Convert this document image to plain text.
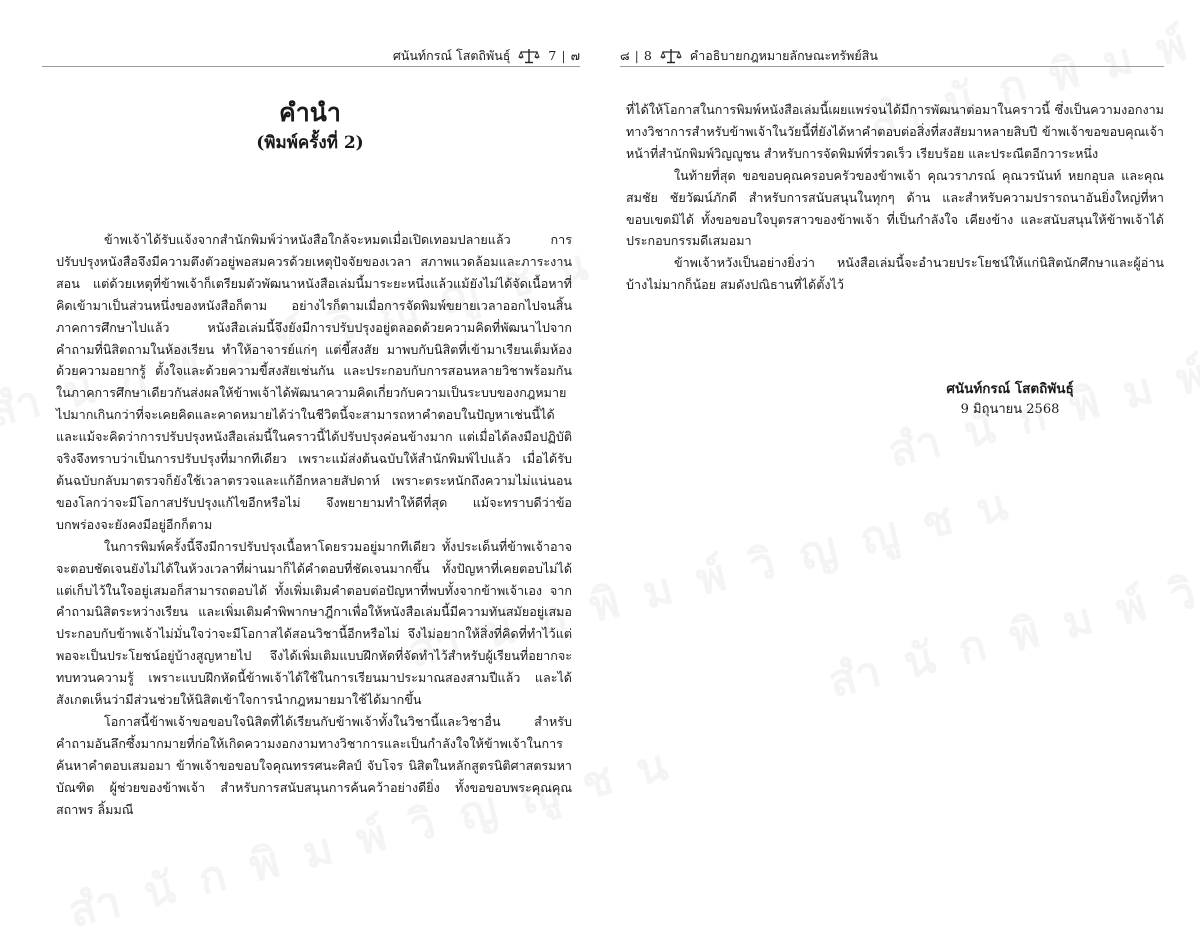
ศนันท์กรณ์ โสตถิพันธุ์	7 | ๗
คำนำ
(พิมพ์ครั้งที่ 2)

ข้าพเจ้าได้รับแจ้งจากสำนักพิมพ์ว่าหนังสือใกล้จะหมดเมื่อเปิดเทอมปลายแล้ว การปรับปรุงหนังสือจึงมีความตึงตัวอยู่พอสมควรด้วยเหตุปัจจัยของเวลา สภาพแวดล้อมและภาระงานสอน แต่ด้วยเหตุที่ข้าพเจ้าก็เตรียมตัวพัฒนาหนังสือเล่มนี้มาระยะหนึ่งแล้วแม้ยังไม่ได้จัดเนื้อหาที่คิดเข้ามาเป็นส่วนหนึ่งของหนังสือก็ตาม อย่างไรก็ตามเมื่อการจัดพิมพ์ขยายเวลาออกไปจนสิ้นภาคการศึกษาไปแล้ว หนังสือเล่มนี้จึงยังมีการปรับปรุงอยู่ตลอดด้วยความคิดที่พัฒนาไปจากคำถามที่นิสิตถามในห้องเรียน ทำให้อาจารย์แก่ๆ แต่ขี้สงสัย มาพบกับนิสิตที่เข้ามาเรียนเต็มห้องด้วยความอยากรู้ ตั้งใจและด้วยความขี้สงสัยเช่นกัน และประกอบกับการสอนหลายวิชาพร้อมกันในภาคการศึกษาเดียวกันส่งผลให้ข้าพเจ้าได้พัฒนาความคิดเกี่ยวกับความเป็นระบบของกฎหมายไปมากเกินกว่าที่จะเคยคิดและคาดหมายได้ว่าในชีวิตนี้จะสามารถหาคำตอบในปัญหาเช่นนี้ได้ และแม้จะคิดว่าการปรับปรุงหนังสือเล่มนี้ในคราวนี้ได้ปรับปรุงค่อนข้างมาก แต่เมื่อได้ลงมือปฏิบัติจริงจึงทราบว่าเป็นการปรับปรุงที่มากทีเดียว เพราะแม้ส่งต้นฉบับให้สำนักพิมพ์ไปแล้ว เมื่อได้รับต้นฉบับกลับมาตรวจก็ยังใช้เวลาตรวจและแก้อีกหลายสัปดาห์ เพราะตระหนักถึงความไม่แน่นอนของโลกว่าจะมีโอกาสปรับปรุงแก้ไขอีกหรือไม่ จึงพยายามทำให้ดีที่สุด แม้จะทราบดีว่าข้อบกพร่องจะยังคงมีอยู่อีกก็ตาม

ในการพิมพ์ครั้งนี้จึงมีการปรับปรุงเนื้อหาโดยรวมอยู่มากทีเดียว ทั้งประเด็นที่ข้าพเจ้าอาจจะตอบชัดเจนยังไม่ได้ในห้วงเวลาที่ผ่านมาก็ได้คำตอบที่ชัดเจนมากขึ้น ทั้งปัญหาที่เคยตอบไม่ได้แต่เก็บไว้ในใจอยู่เสมอก็สามารถตอบได้ ทั้งเพิ่มเติมคำตอบต่อปัญหาที่พบทั้งจากข้าพเจ้าเอง จากคำถามนิสิตระหว่างเรียน และเพิ่มเติมคำพิพากษาฎีกาเพื่อให้หนังสือเล่มนี้มีความทันสมัยอยู่เสมอ ประกอบกับข้าพเจ้าไม่มั่นใจว่าจะมีโอกาสได้สอนวิชานี้อีกหรือไม่ จึงไม่อยากให้สิ่งที่คิดที่ทำไว้แต่พอจะเป็นประโยชน์อยู่บ้างสูญหายไป จึงได้เพิ่มเติมแบบฝึกหัดที่จัดทำไว้สำหรับผู้เรียนที่อยากจะทบทวนความรู้ เพราะแบบฝึกหัดนี้ข้าพเจ้าได้ใช้ในการเรียนมาประมาณสองสามปีแล้ว และได้สังเกตเห็นว่ามีส่วนช่วยให้นิสิตเข้าใจการนำกฎหมายมาใช้ได้มากขึ้น

โอกาสนี้ข้าพเจ้าขอขอบใจนิสิตที่ได้เรียนกับข้าพเจ้าทั้งในวิชานี้และวิชาอื่น สำหรับคำถามอันลึกซึ้งมากมายที่ก่อให้เกิดความงอกงามทางวิชาการและเป็นกำลังใจให้ข้าพเจ้าในการค้นหาคำตอบเสมอมา ข้าพเจ้าขอขอบใจคุณทรรศนะศิลป์ จับโจร นิสิตในหลักสูตรนิติศาสตรมหาบัณฑิต ผู้ช่วยของข้าพเจ้า สำหรับการสนับสนุนการค้นคว้าอย่างดียิ่ง ทั้งขอขอบพระคุณคุณสถาพร ลิ้มมณี

๘ | 8	คำอธิบายกฎหมายลักษณะทรัพย์สิน

ที่ได้ให้โอกาสในการพิมพ์หนังสือเล่มนี้เผยแพร่จนได้มีการพัฒนาต่อมาในคราวนี้ ซึ่งเป็นความงอกงามทางวิชาการสำหรับข้าพเจ้าในวัยนี้ที่ยังได้หาคำตอบต่อสิ่งที่สงสัยมาหลายสิบปี ข้าพเจ้าขอขอบคุณเจ้าหน้าที่สำนักพิมพ์วิญญูชน สำหรับการจัดพิมพ์ที่รวดเร็ว เรียบร้อย และประณีตอีกวาระหนึ่ง

ในท้ายที่สุด ขอขอบคุณครอบครัวของข้าพเจ้า คุณวราภรณ์ คุณวรนันท์ หยกอุบล และคุณสมชัย ชัยวัฒน์ภักดี สำหรับการสนับสนุนในทุกๆ ด้าน และสำหรับความปรารถนาอันยิ่งใหญ่ที่หาขอบเขตมิได้ ทั้งขอขอบใจบุตรสาวของข้าพเจ้า ที่เป็นกำลังใจ เคียงข้าง และสนับสนุนให้ข้าพเจ้าได้ประกอบกรรมดีเสมอมา

ข้าพเจ้าหวังเป็นอย่างยิ่งว่า หนังสือเล่มนี้จะอำนวยประโยชน์ให้แก่นิสิตนักศึกษาและผู้อ่านบ้างไม่มากก็น้อย สมดังปณิธานที่ได้ตั้งไว้

ศนันท์กรณ์ โสตถิพันธุ์
9 มิถุนายน 2568
